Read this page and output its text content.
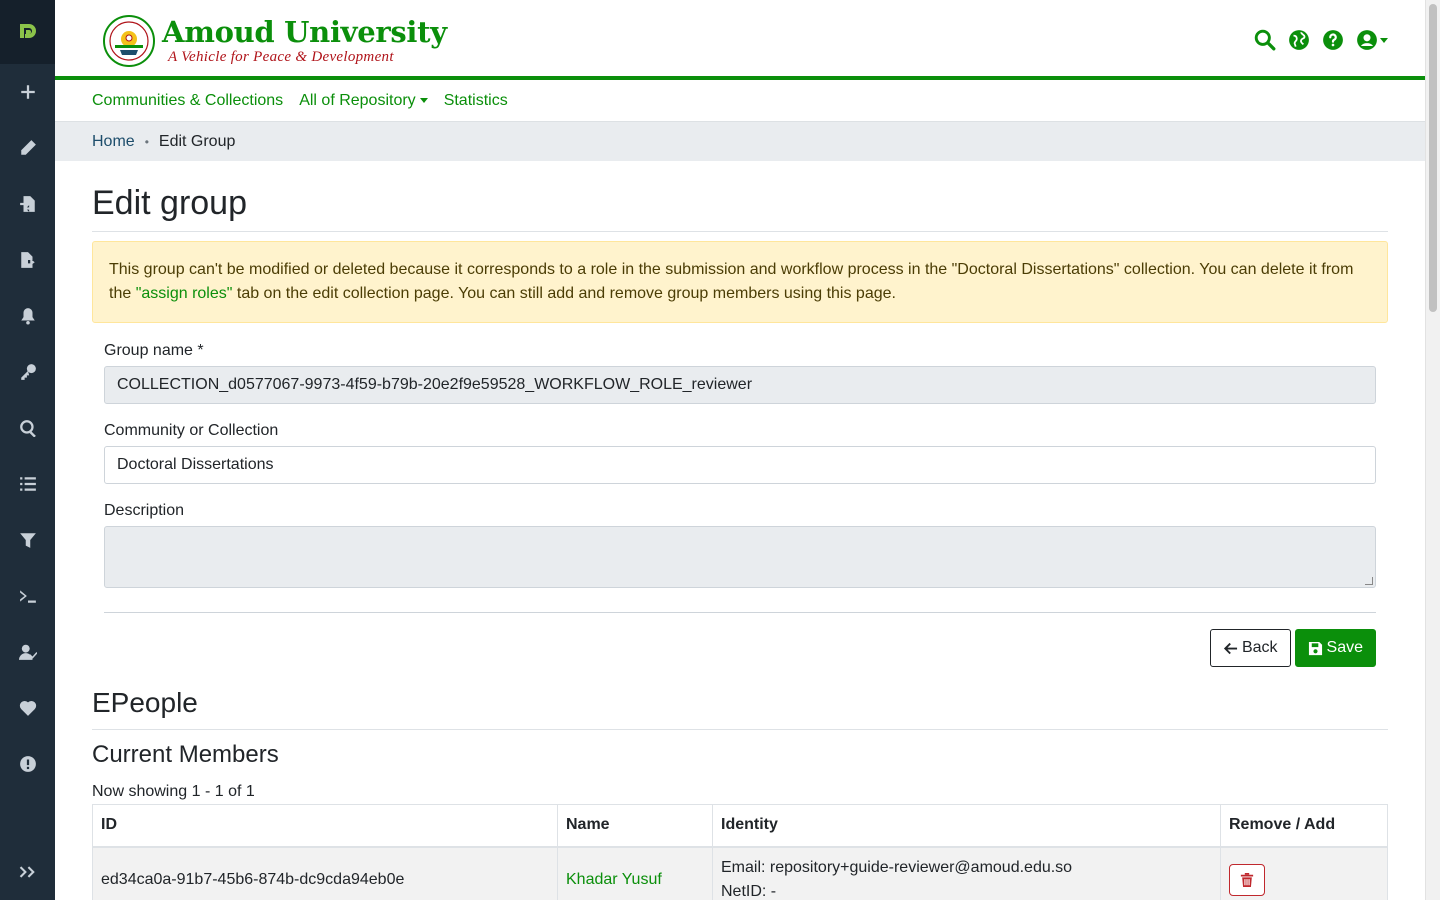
Amoud University
A Vehicle for Peace & Development
Communities & Collections All of Repository Statistics
Home • Edit Group
Edit group
This group can't be modified or deleted because it corresponds to a role in the submission and workflow process in the "Doctoral Dissertations" collection. You can delete it from the "assign roles" tab on the edit collection page. You can still add and remove group members using this page.
Group name *
COLLECTION_d0577067-9973-4f59-b79b-20e2f9e59528_WORKFLOW_ROLE_reviewer
Community or Collection
Doctoral Dissertations
Description
Back	Save
EPeople
Current Members
Now showing 1 - 1 of 1
ID	Name	Identity	Remove / Add
ed34ca0a-91b7-45b6-874b-dc9cda94eb0e	Khadar Yusuf	Email: repository+guide-reviewer@amoud.edu.so
NetID: -
